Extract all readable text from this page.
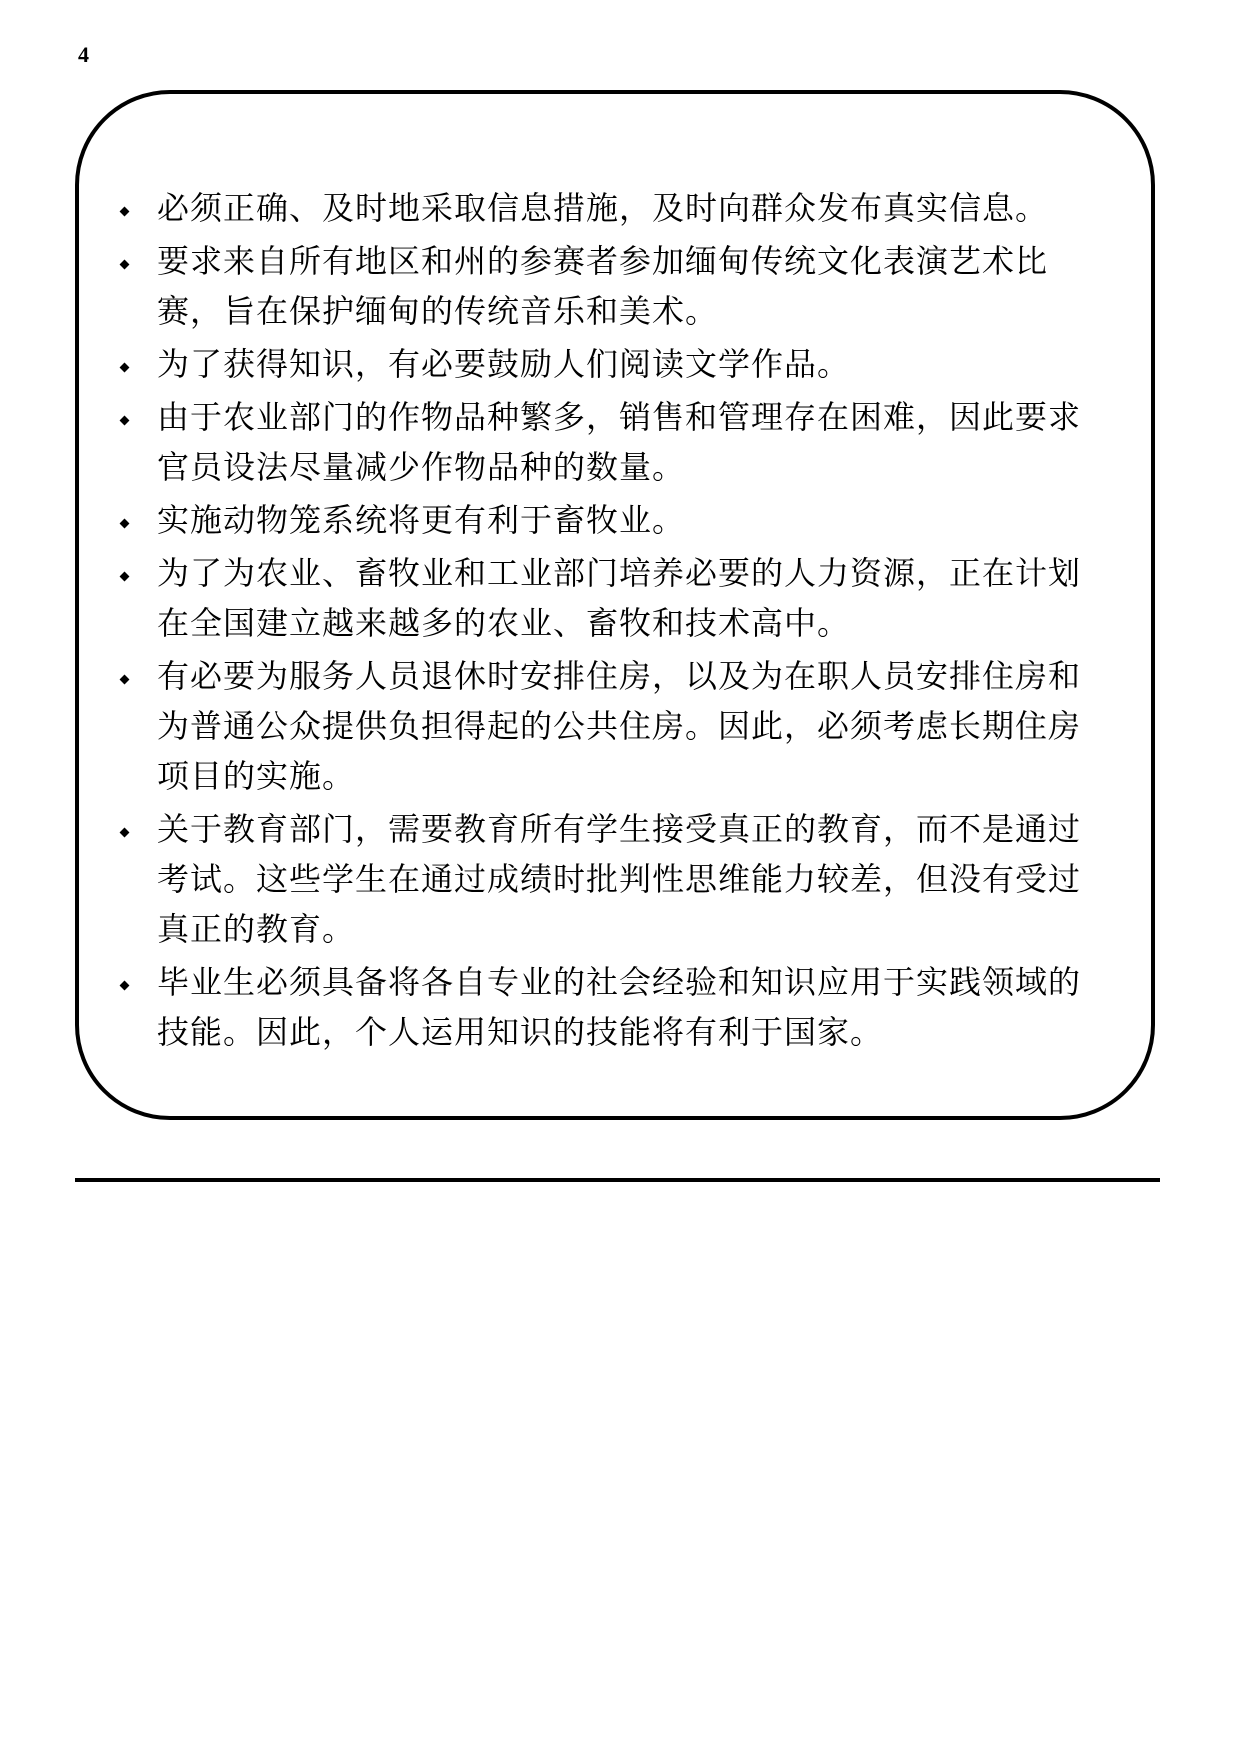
4
必须正确、及时地采取信息措施，及时向群众发布真实信息。
要求来自所有地区和州的参赛者参加缅甸传统文化表演艺术比
赛，旨在保护缅甸的传统音乐和美术。
为了获得知识，有必要鼓励人们阅读文学作品。
由于农业部门的作物品种繁多，销售和管理存在困难，因此要求
官员设法尽量减少作物品种的数量。
实施动物笼系统将更有利于畜牧业。
为了为农业、畜牧业和工业部门培养必要的人力资源，正在计划
在全国建立越来越多的农业、畜牧和技术高中。
有必要为服务人员退休时安排住房，以及为在职人员安排住房和
为普通公众提供负担得起的公共住房。因此，必须考虑长期住房
项目的实施。
关于教育部门，需要教育所有学生接受真正的教育，而不是通过
考试。这些学生在通过成绩时批判性思维能力较差，但没有受过
真正的教育。
毕业生必须具备将各自专业的社会经验和知识应用于实践领域的
技能。因此，个人运用知识的技能将有利于国家。
